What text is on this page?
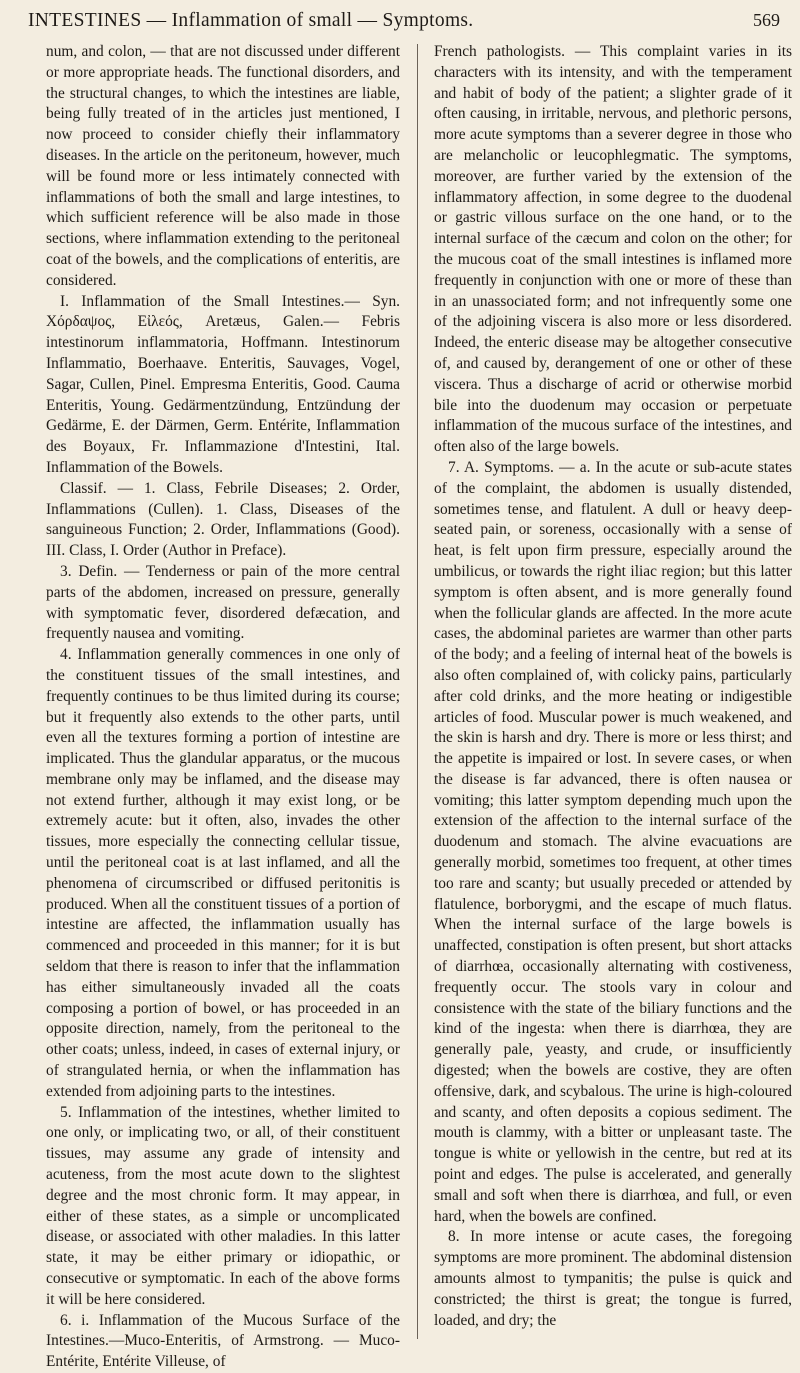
INTESTINES — Inflammation of small — Symptoms.	569

num, and colon, — that are not discussed under different or more appropriate heads. The functional disorders, and the structural changes, to which the intestines are liable, being fully treated of in the articles just mentioned, I now proceed to consider chiefly their inflammatory diseases. In the article on the peritoneum, however, much will be found more or less intimately connected with inflammations of both the small and large intestines, to which sufficient reference will be also made in those sections, where inflammation extending to the peritoneal coat of the bowels, and the complications of enteritis, are considered.

I. Inflammation of the Small Intestines.— Syn. Χόρδαψος, Εἰλεός, Aretæus, Galen.— Febris intestinorum inflammatoria, Hoffmann. Intestinorum Inflammatio, Boerhaave. Enteritis, Sauvages, Vogel, Sagar, Cullen, Pinel. Empresma Enteritis, Good. Cauma Enteritis, Young. Gedärmentzündung, Entzündung der Gedärme, E. der Därmen, Germ. Entérite, Inflammation des Boyaux, Fr. Inflammazione d'Intestini, Ital. Inflammation of the Bowels.

Classif. — 1. Class, Febrile Diseases; 2. Order, Inflammations (Cullen). 1. Class, Diseases of the sanguineous Function; 2. Order, Inflammations (Good). III. Class, I. Order (Author in Preface).

3. Defin. — Tenderness or pain of the more central parts of the abdomen, increased on pressure, generally with symptomatic fever, disordered defæcation, and frequently nausea and vomiting.

4. Inflammation generally commences in one only of the constituent tissues of the small intestines, and frequently continues to be thus limited during its course; but it frequently also extends to the other parts, until even all the textures forming a portion of intestine are implicated. Thus the glandular apparatus, or the mucous membrane only may be inflamed, and the disease may not extend further, although it may exist long, or be extremely acute: but it often, also, invades the other tissues, more especially the connecting cellular tissue, until the peritoneal coat is at last inflamed, and all the phenomena of circumscribed or diffused peritonitis is produced. When all the constituent tissues of a portion of intestine are affected, the inflammation usually has commenced and proceeded in this manner; for it is but seldom that there is reason to infer that the inflammation has either simultaneously invaded all the coats composing a portion of bowel, or has proceeded in an opposite direction, namely, from the peritoneal to the other coats; unless, indeed, in cases of external injury, or of strangulated hernia, or when the inflammation has extended from adjoining parts to the intestines.

5. Inflammation of the intestines, whether limited to one only, or implicating two, or all, of their constituent tissues, may assume any grade of intensity and acuteness, from the most acute down to the slightest degree and the most chronic form. It may appear, in either of these states, as a simple or uncomplicated disease, or associated with other maladies. In this latter state, it may be either primary or idiopathic, or consecutive or symptomatic. In each of the above forms it will be here considered.

6. i. Inflammation of the Mucous Surface of the Intestines.—Muco-Enteritis, of Armstrong. — Muco-Entérite, Entérite Villeuse, of

French pathologists. — This complaint varies in its characters with its intensity, and with the temperament and habit of body of the patient; a slighter grade of it often causing, in irritable, nervous, and plethoric persons, more acute symptoms than a severer degree in those who are melancholic or leucophlegmatic. The symptoms, moreover, are further varied by the extension of the inflammatory affection, in some degree to the duodenal or gastric villous surface on the one hand, or to the internal surface of the cæcum and colon on the other; for the mucous coat of the small intestines is inflamed more frequently in conjunction with one or more of these than in an unassociated form; and not infrequently some one of the adjoining viscera is also more or less disordered. Indeed, the enteric disease may be altogether consecutive of, and caused by, derangement of one or other of these viscera. Thus a discharge of acrid or otherwise morbid bile into the duodenum may occasion or perpetuate inflammation of the mucous surface of the intestines, and often also of the large bowels.

7. A. Symptoms. — a. In the acute or sub-acute states of the complaint, the abdomen is usually distended, sometimes tense, and flatulent. A dull or heavy deep-seated pain, or soreness, occasionally with a sense of heat, is felt upon firm pressure, especially around the umbilicus, or towards the right iliac region; but this latter symptom is often absent, and is more generally found when the follicular glands are affected. In the more acute cases, the abdominal parietes are warmer than other parts of the body; and a feeling of internal heat of the bowels is also often complained of, with colicky pains, particularly after cold drinks, and the more heating or indigestible articles of food. Muscular power is much weakened, and the skin is harsh and dry. There is more or less thirst; and the appetite is impaired or lost. In severe cases, or when the disease is far advanced, there is often nausea or vomiting; this latter symptom depending much upon the extension of the affection to the internal surface of the duodenum and stomach. The alvine evacuations are generally morbid, sometimes too frequent, at other times too rare and scanty; but usually preceded or attended by flatulence, borborygmi, and the escape of much flatus. When the internal surface of the large bowels is unaffected, constipation is often present, but short attacks of diarrhœa, occasionally alternating with costiveness, frequently occur. The stools vary in colour and consistence with the state of the biliary functions and the kind of the ingesta: when there is diarrhœa, they are generally pale, yeasty, and crude, or insufficiently digested; when the bowels are costive, they are often offensive, dark, and scybalous. The urine is high-coloured and scanty, and often deposits a copious sediment. The mouth is clammy, with a bitter or unpleasant taste. The tongue is white or yellowish in the centre, but red at its point and edges. The pulse is accelerated, and generally small and soft when there is diarrhœa, and full, or even hard, when the bowels are confined.

8. In more intense or acute cases, the foregoing symptoms are more prominent. The abdominal distension amounts almost to tympanitis; the pulse is quick and constricted; the thirst is great; the tongue is furred, loaded, and dry; the
